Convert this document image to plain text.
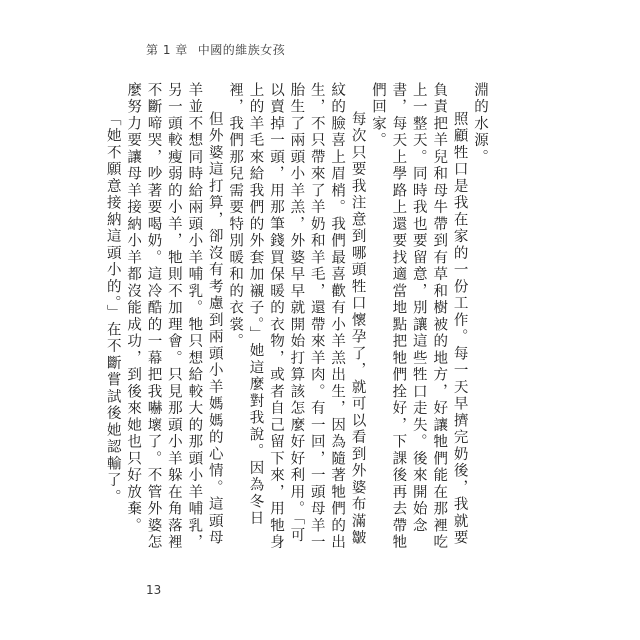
第 1 章 中國的維族女孩

淵的水源。

照顧牲口是我在家的一份工作。每一天早擠完奶後，我就要負責把羊兒和母牛帶到有草和樹被的地方，好讓牠們能在那裡吃上一整天。同時我也要留意，別讓這些牲口走失。後來開始念書，每天上學路上還要找適當地點把牠們拴好，下課後再去帶牠們回家。

每次只要我注意到哪頭牲口懷孕了，就可以看到外婆布滿皺紋的臉喜上眉梢。我們最喜歡有小羊羔出生，因為隨著牠們的出生，不只帶來了羊奶和羊毛，還帶來羊肉。有一回，一頭母羊一胎生了兩頭小羊羔，外婆早早就開始打算該怎麼好好利用。「可以賣掉一頭，用那筆錢買保暖的衣物，或者自己留下來，用牠身上的羊毛來給我們的外套加襯子。」她這麼對我說。因為冬日裡，我們那兒需要特別暖和的衣裳。

但外婆這打算，卻沒有考慮到兩頭小羊媽媽的心情。這頭母羊並不想同時給兩頭小羊哺乳。牠只想給較大的那頭小羊哺乳，另一頭較瘦弱的小羊，牠則不加理會。只見那頭小羊躲在角落裡不斷啼哭，吵著要喝奶。這冷酷的一幕把我嚇壞了。不管外婆怎麼努力要讓母羊接納小羊都沒能成功，到後來她也只好放棄。

「她不願意接納這頭小的。」在不斷嘗試後她認輸了。

13
